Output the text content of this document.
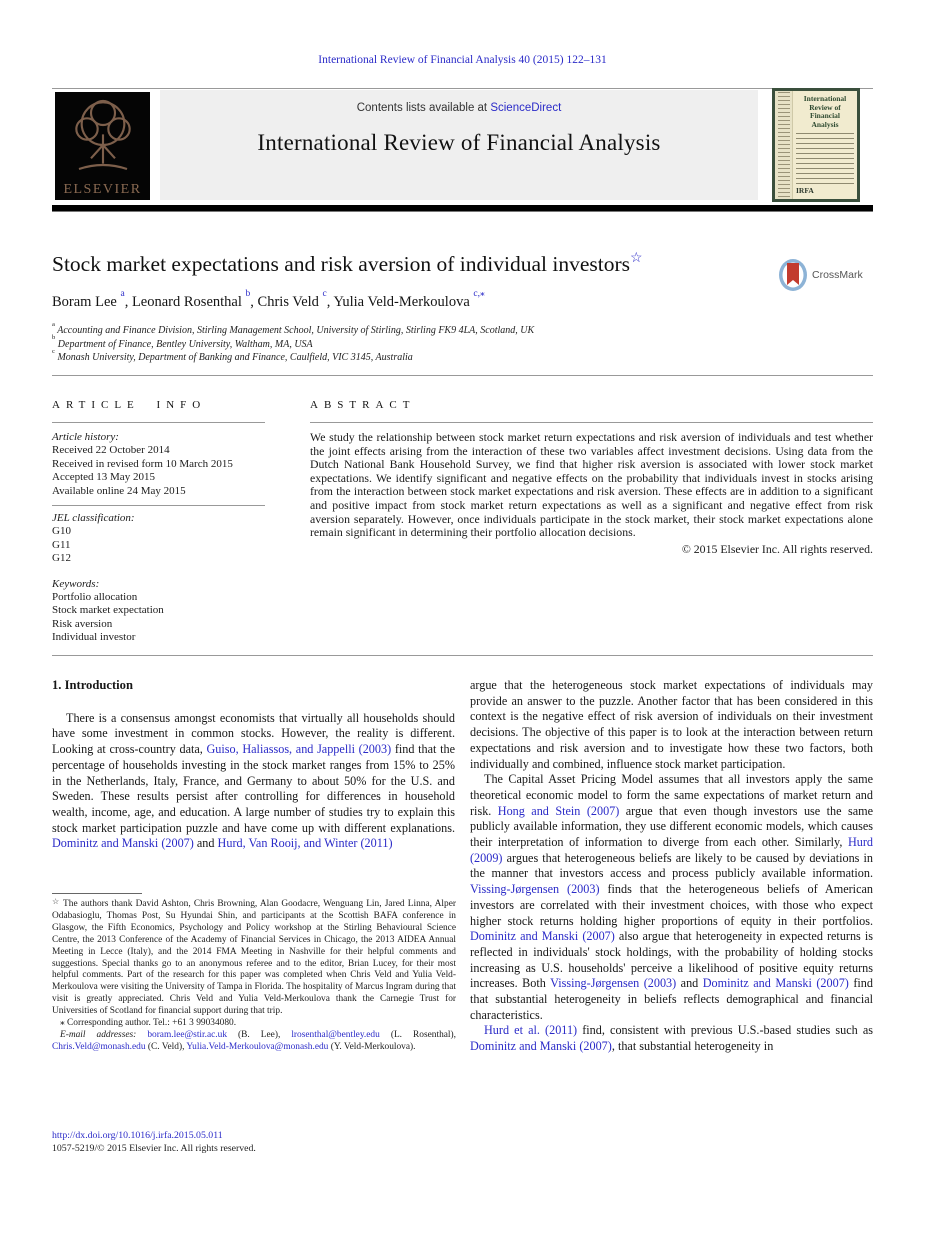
International Review of Financial Analysis 40 (2015) 122–131
ELSEVIER
Contents lists available at ScienceDirect
International Review of Financial Analysis
International Review of Financial Analysis
IRFA
Stock market expectations and risk aversion of individual investors☆
CrossMark
Boram Lee $^a$, Leonard Rosenthal $^b$, Chris Veld $^c$, Yulia Veld-Merkoulova $^{c,⁎}$
$^a$ Accounting and Finance Division, Stirling Management School, University of Stirling, Stirling FK9 4LA, Scotland, UK
$^b$ Department of Finance, Bentley University, Waltham, MA, USA
$^c$ Monash University, Department of Banking and Finance, Caulfield, VIC 3145, Australia
ARTICLE INFO	ABSTRACT
Article history:
Received 22 October 2014
Received in revised form 10 March 2015
Accepted 13 May 2015
Available online 24 May 2015
JEL classification:
G10
G11
G12
Keywords:
Portfolio allocation
Stock market expectation
Risk aversion
Individual investor
We study the relationship between stock market return expectations and risk aversion of individuals and test whether the joint effects arising from the interaction of these two variables affect investment decisions. Using data from the Dutch National Bank Household Survey, we find that higher risk aversion is associated with lower stock market expectations. We identify significant and negative effects on the probability that individuals invest in stocks arising from the interaction between stock market expectations and risk aversion. These effects are in addition to a significant and positive impact from stock market return expectations as well as a significant and negative effect from risk aversion separately. However, once individuals participate in the stock market, their stock market expectations alone remain significant in determining their portfolio allocation decisions.
© 2015 Elsevier Inc. All rights reserved.
1. Introduction

There is a consensus amongst economists that virtually all households should have some investment in common stocks. However, the reality is different. Looking at cross-country data, Guiso, Haliassos, and Jappelli (2003) find that the percentage of households investing in the stock market ranges from 15% to 25% in the Netherlands, Italy, France, and Germany to about 50% for the U.S. and Sweden. These results persist after controlling for differences in household wealth, income, age, and education. A large number of studies try to explain this stock market participation puzzle and have come up with different explanations. Dominitz and Manski (2007) and Hurd, Van Rooij, and Winter (2011)

argue that the heterogeneous stock market expectations of individuals may provide an answer to the puzzle. Another factor that has been considered in this context is the negative effect of risk aversion of individuals on their investment decisions. The objective of this paper is to look at the interaction between return expectations and risk aversion and to investigate how these two factors, both individually and combined, influence stock market participation.

The Capital Asset Pricing Model assumes that all investors apply the same theoretical economic model to form the same expectations of market return and risk. Hong and Stein (2007) argue that even though investors use the same publicly available information, they use different economic models, which causes their interpretation of information to diverge from each other. Similarly, Hurd (2009) argues that heterogeneous beliefs are likely to be caused by deviations in the manner that investors access and process publicly available information. Vissing-Jørgensen (2003) finds that the heterogeneous beliefs of American investors are correlated with their investment choices, with those who expect higher stock returns holding higher proportions of equity in their portfolios. Dominitz and Manski (2007) also argue that heterogeneity in expected returns is reflected in individuals' stock holdings, with the probability of holding stocks increasing as U.S. households' perceive a likelihood of positive equity returns increases. Both Vissing-Jørgensen (2003) and Dominitz and Manski (2007) find that substantial heterogeneity in beliefs reflects demographical and financial characteristics.

Hurd et al. (2011) find, consistent with previous U.S.-based studies such as Dominitz and Manski (2007), that substantial heterogeneity in

☆ The authors thank David Ashton, Chris Browning, Alan Goodacre, Wenguang Lin, Jared Linna, Alper Odabasioglu, Thomas Post, Su Hyundai Shin, and participants at the Scottish BAFA conference in Glasgow, the Fifth Economics, Psychology and Policy workshop at the Stirling Behavioural Science Centre, the 2013 Conference of the Academy of Financial Services in Chicago, the 2013 AIDEA Annual Meeting in Lecce (Italy), and the 2014 FMA Meeting in Nashville for their helpful comments and suggestions. Special thanks go to an anonymous referee and to the editor, Brian Lucey, for their most helpful comments. Part of the research for this paper was completed when Chris Veld and Yulia Veld-Merkoulova were visiting the University of Tampa in Florida. The hospitality of Marcus Ingram during that visit is greatly appreciated. Chris Veld and Yulia Veld-Merkoulova thank the Carnegie Trust for Universities of Scotland for financial support during that trip.
⁎ Corresponding author. Tel.: +61 3 99034080.
E-mail addresses: boram.lee@stir.ac.uk (B. Lee), lrosenthal@bentley.edu (L. Rosenthal), Chris.Veld@monash.edu (C. Veld), Yulia.Veld-Merkoulova@monash.edu (Y. Veld-Merkoulova).
http://dx.doi.org/10.1016/j.irfa.2015.05.011
1057-5219/© 2015 Elsevier Inc. All rights reserved.
